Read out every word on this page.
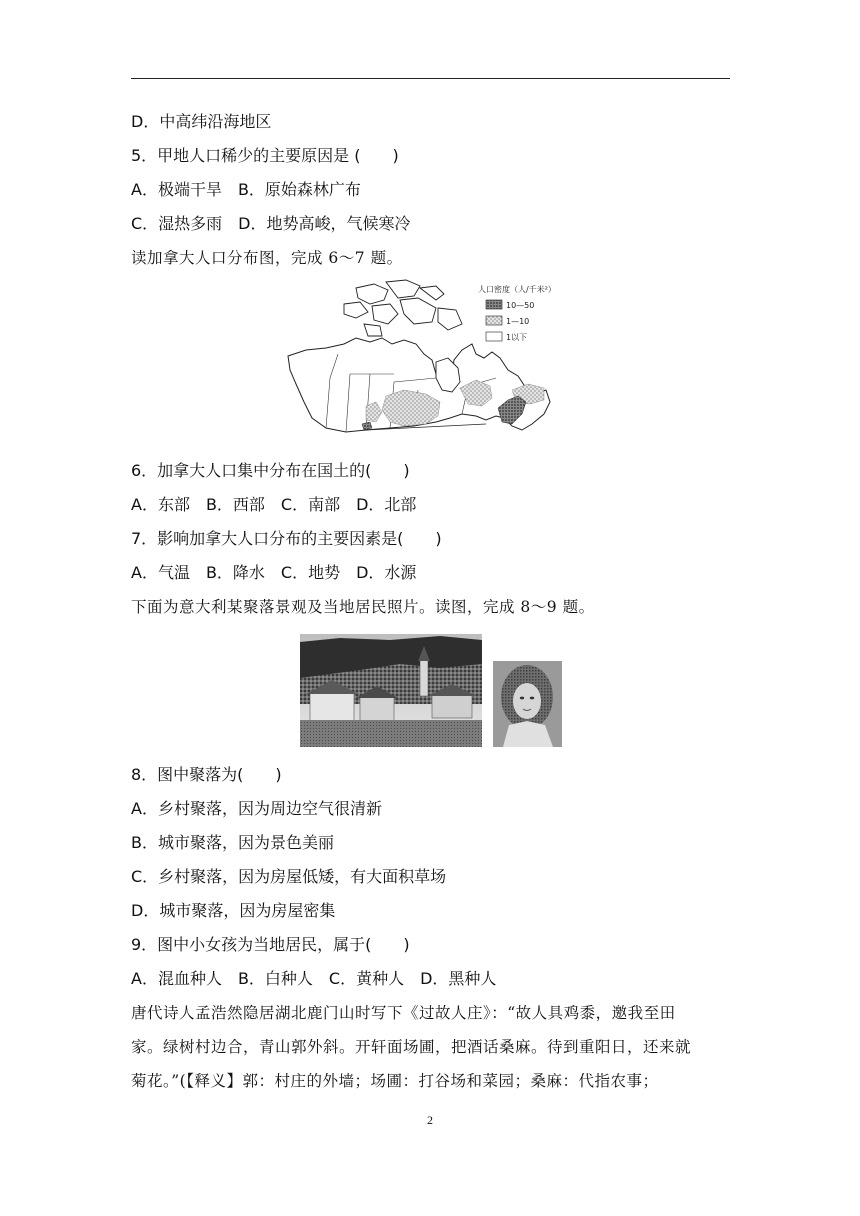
D．中高纬沿海地区
5．甲地人口稀少的主要原因是 (　　)
A．极端干旱　B．原始森林广布
C．湿热多雨　D．地势高峻，气候寒冷
读加拿大人口分布图，完成 6～7 题。
人口密度（人/千米²）
10—50
1—10
1以下
6．加拿大人口集中分布在国土的(　　)
A．东部　B．西部　C．南部　D．北部
7．影响加拿大人口分布的主要因素是(　　)
A．气温　B．降水　C．地势　D．水源
下面为意大利某聚落景观及当地居民照片。读图，完成 8～9 题。
8．图中聚落为(　　)
A．乡村聚落，因为周边空气很清新
B．城市聚落，因为景色美丽
C．乡村聚落，因为房屋低矮，有大面积草场
D．城市聚落，因为房屋密集
9．图中小女孩为当地居民，属于(　　)
A．混血种人　B．白种人　C．黄种人　D．黑种人
唐代诗人孟浩然隐居湖北鹿门山时写下《过故人庄》：“故人具鸡黍，邀我至田
家。绿树村边合，青山郭外斜。开轩面场圃，把酒话桑麻。待到重阳日，还来就
菊花。”(【释义】郭：村庄的外墙；场圃：打谷场和菜园；桑麻：代指农事；
2
